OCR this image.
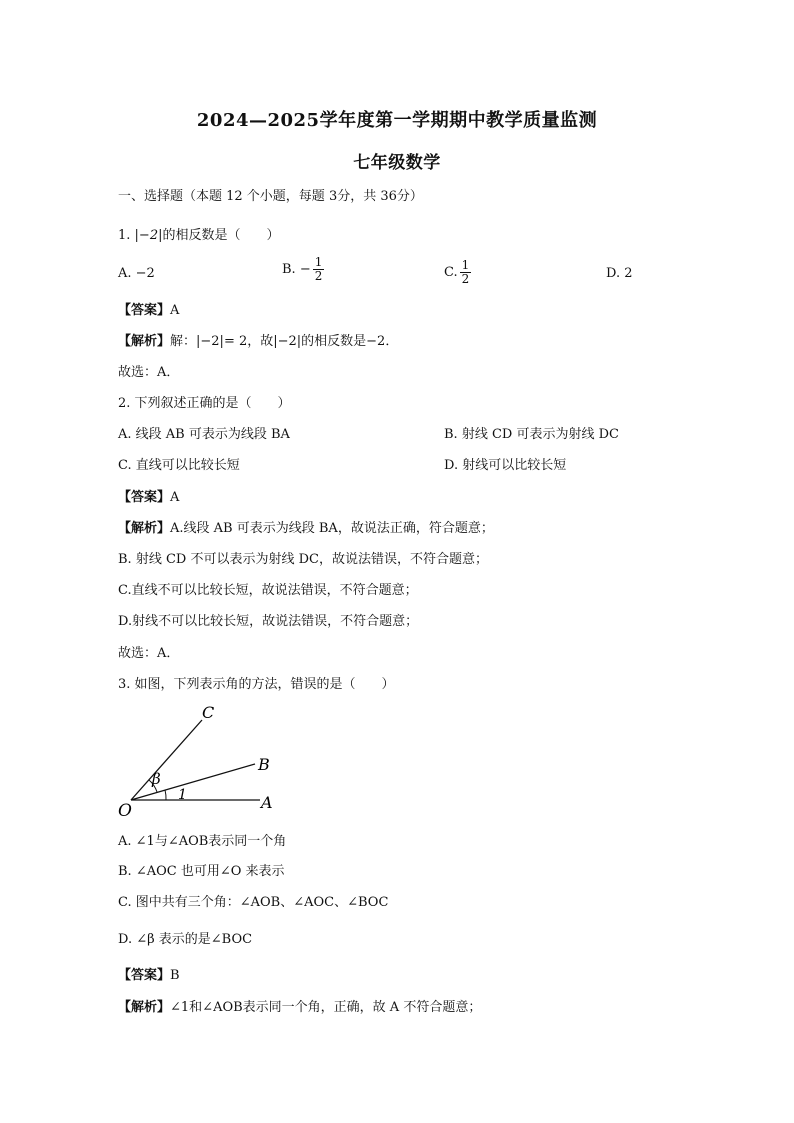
2024—2025学年度第一学期期中教学质量监测
七年级数学
一、选择题（本题 12 个小题，每题 3分，共 36分）
1. |−2|的相反数是（　　）
A. −2	B. − $\frac{1}{2}$	C. $\frac{1}{2}$	D. 2
【答案】A
【解析】解：|−2|= 2，故|−2|的相反数是−2．
故选：A．
2. 下列叙述正确的是（　　）
A. 线段 AB 可表示为线段 BA	B. 射线 CD 可表示为射线 DC
C. 直线可以比较长短	D. 射线可以比较长短
【答案】A
【解析】A.线段 AB 可表示为线段 BA，故说法正确，符合题意；
B. 射线 CD 不可以表示为射线 DC，故说法错误，不符合题意；
C.直线不可以比较长短，故说法错误，不符合题意；
D.射线不可以比较长短，故说法错误，不符合题意；
故选：A．
3. 如图，下列表示角的方法，错误的是（　　）
C
B
A
O
β
1
A. ∠1与∠AOB表示同一个角
B. ∠AOC 也可用∠O 来表示
C. 图中共有三个角：∠AOB、∠AOC、∠BOC
D. ∠β 表示的是∠BOC
【答案】B
【解析】∠1和∠AOB表示同一个角，正确，故 A 不符合题意；
